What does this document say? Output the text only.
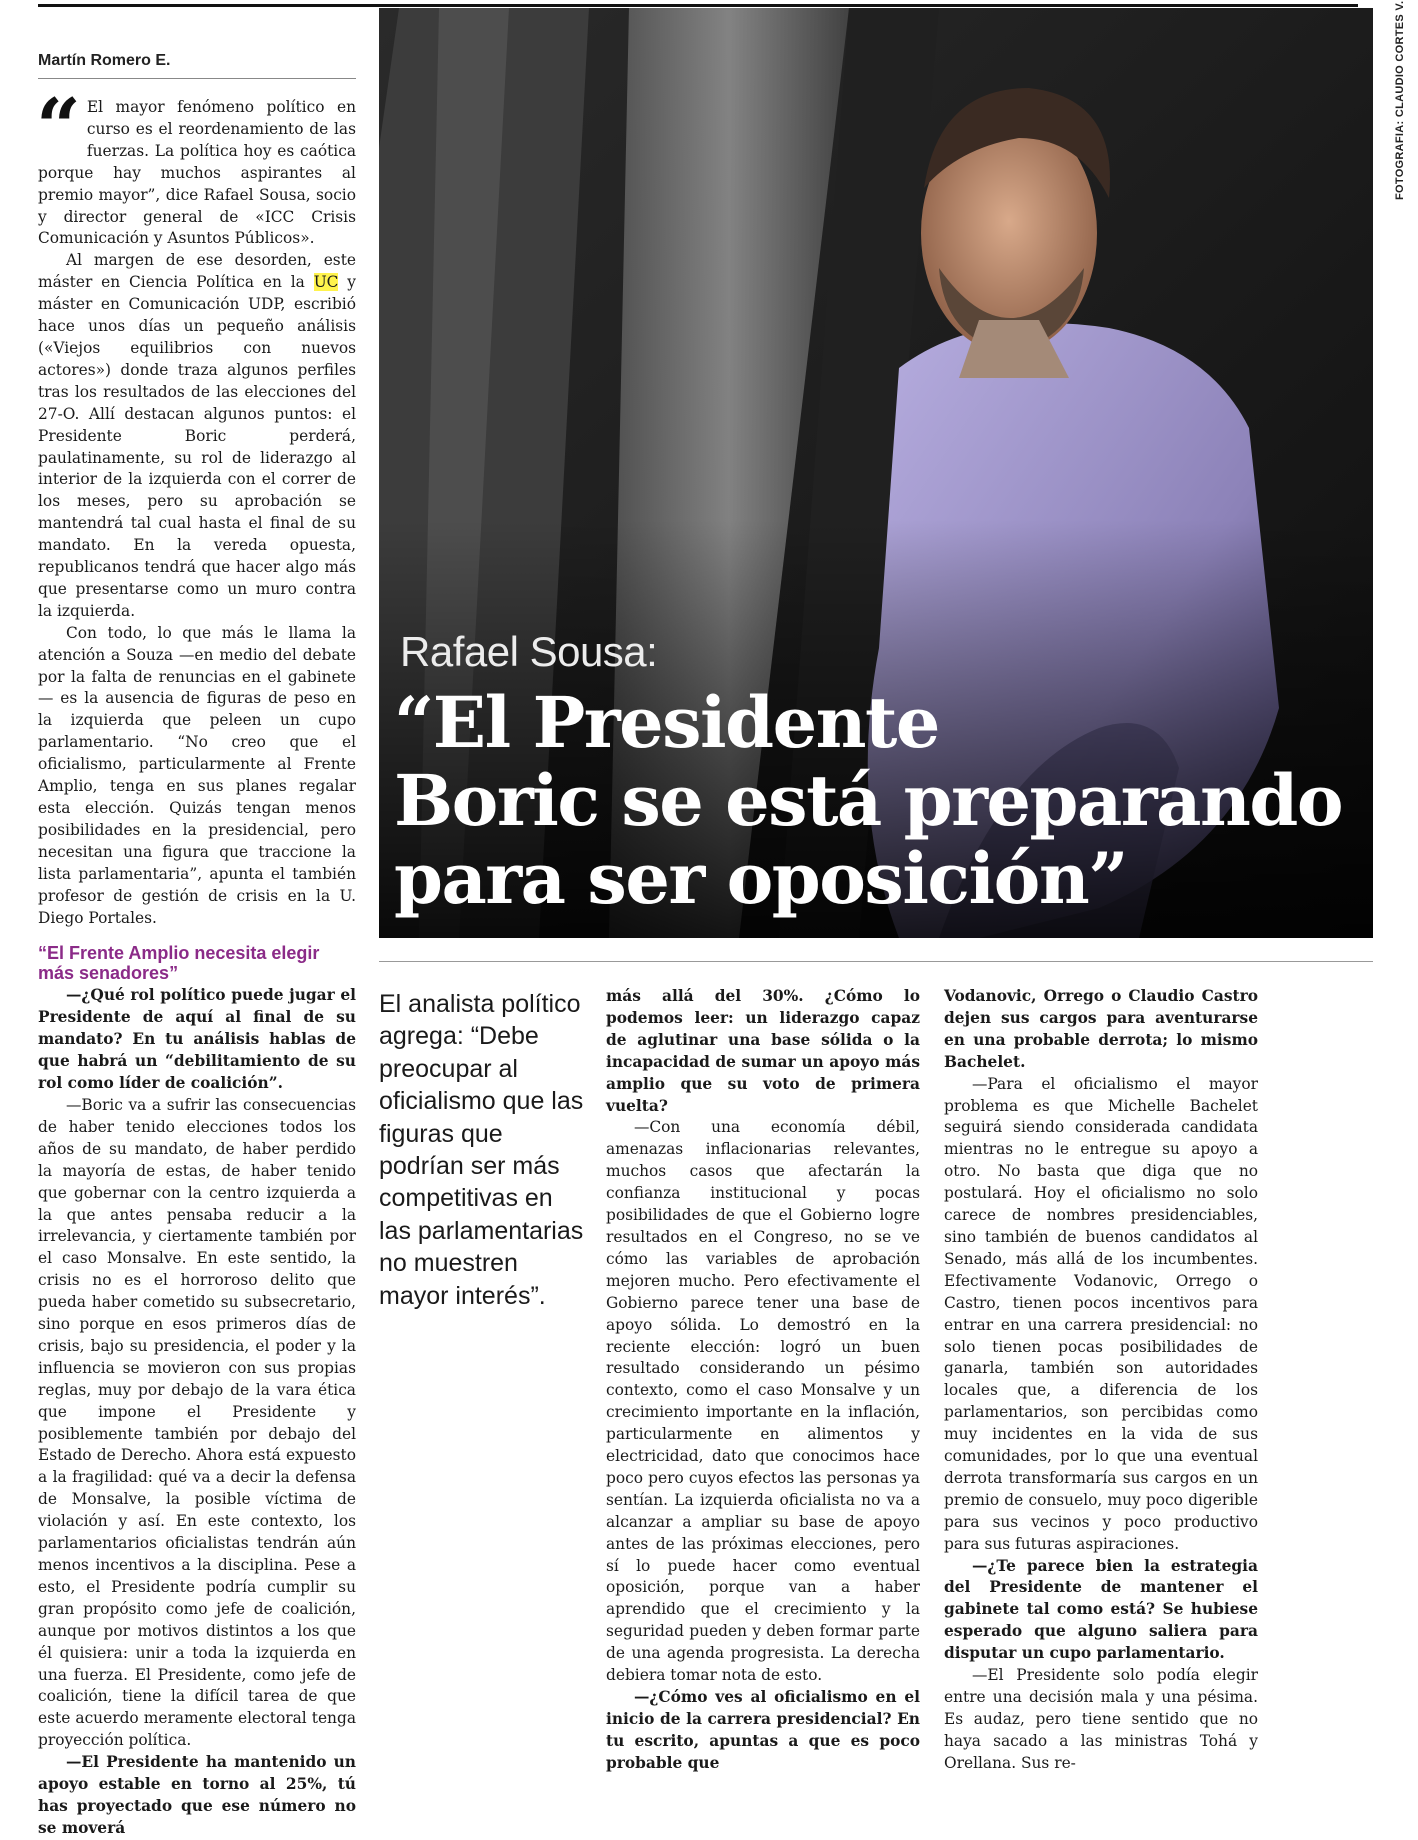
Martín Romero E.

“ El mayor fenómeno político en curso es el reordenamiento de las fuerzas. La política hoy es caótica porque hay muchos aspirantes al premio mayor”, dice Rafael Sousa, socio y director general de «ICC Crisis Comunicación y Asuntos Públicos».

Al margen de ese desorden, este máster en Ciencia Política en la UC y máster en Comunicación UDP, escribió hace unos días un pequeño análisis («Viejos equilibrios con nuevos actores») donde traza algunos perfiles tras los resultados de las elecciones del 27-O. Allí destacan algunos puntos: el Presidente Boric perderá, paulatinamente, su rol de liderazgo al interior de la izquierda con el correr de los meses, pero su aprobación se mantendrá tal cual hasta el final de su mandato. En la vereda opuesta, republicanos tendrá que hacer algo más que presentarse como un muro contra la izquierda.

Con todo, lo que más le llama la atención a Souza —en medio del debate por la falta de renuncias en el gabinete— es la ausencia de figuras de peso en la izquierda que peleen un cupo parlamentario. “No creo que el oficialismo, particularmente al Frente Amplio, tenga en sus planes regalar esta elección. Quizás tengan menos posibilidades en la presidencial, pero necesitan una figura que traccione la lista parlamentaria”, apunta el también profesor de gestión de crisis en la U. Diego Portales.

“El Frente Amplio necesita elegir más senadores”

—¿Qué rol político puede jugar el Presidente de aquí al final de su mandato? En tu análisis hablas de que habrá un “debilitamiento de su rol como líder de coalición”.

—Boric va a sufrir las consecuencias de haber tenido elecciones todos los años de su mandato, de haber perdido la mayoría de estas, de haber tenido que gobernar con la centro izquierda a la que antes pensaba reducir a la irrelevancia, y ciertamente también por el caso Monsalve. En este sentido, la crisis no es el horroroso delito que pueda haber cometido su subsecretario, sino porque en esos primeros días de crisis, bajo su presidencia, el poder y la influencia se movieron con sus propias reglas, muy por debajo de la vara ética que impone el Presidente y posiblemente también por debajo del Estado de Derecho. Ahora está expuesto a la fragilidad: qué va a decir la defensa de Monsalve, la posible víctima de violación y así. En este contexto, los parlamentarios oficialistas tendrán aún menos incentivos a la disciplina. Pese a esto, el Presidente podría cumplir su gran propósito como jefe de coalición, aunque por motivos distintos a los que él quisiera: unir a toda la izquierda en una fuerza. El Presidente, como jefe de coalición, tiene la difícil tarea de que este acuerdo meramente electoral tenga proyección política.

—El Presidente ha mantenido un apoyo estable en torno al 25%, tú has proyectado que ese número no se moverá

FOTOGRAFIA: CLAUDIO CORTES V.
Rafael Sousa:
“El Presidente
Boric se está preparando
para ser oposición”
El analista político agrega: “Debe preocupar al oficialismo que las figuras que podrían ser más competitivas en las parlamentarias no muestren mayor interés”.

más allá del 30%. ¿Cómo lo podemos leer: un liderazgo capaz de aglutinar una base sólida o la incapacidad de sumar un apoyo más amplio que su voto de primera vuelta?

—Con una economía débil, amenazas inflacionarias relevantes, muchos casos que afectarán la confianza institucional y pocas posibilidades de que el Gobierno logre resultados en el Congreso, no se ve cómo las variables de aprobación mejoren mucho. Pero efectivamente el Gobierno parece tener una base de apoyo sólida. Lo demostró en la reciente elección: logró un buen resultado considerando un pésimo contexto, como el caso Monsalve y un crecimiento importante en la inflación, particularmente en alimentos y electricidad, dato que conocimos hace poco pero cuyos efectos las personas ya sentían. La izquierda oficialista no va a alcanzar a ampliar su base de apoyo antes de las próximas elecciones, pero sí lo puede hacer como eventual oposición, porque van a haber aprendido que el crecimiento y la seguridad pueden y deben formar parte de una agenda progresista. La derecha debiera tomar nota de esto.

—¿Cómo ves al oficialismo en el inicio de la carrera presidencial? En tu escrito, apuntas a que es poco probable que

Vodanovic, Orrego o Claudio Castro dejen sus cargos para aventurarse en una probable derrota; lo mismo Bachelet.

—Para el oficialismo el mayor problema es que Michelle Bachelet seguirá siendo considerada candidata mientras no le entregue su apoyo a otro. No basta que diga que no postulará. Hoy el oficialismo no solo carece de nombres presidenciables, sino también de buenos candidatos al Senado, más allá de los incumbentes. Efectivamente Vodanovic, Orrego o Castro, tienen pocos incentivos para entrar en una carrera presidencial: no solo tienen pocas posibilidades de ganarla, también son autoridades locales que, a diferencia de los parlamentarios, son percibidas como muy incidentes en la vida de sus comunidades, por lo que una eventual derrota transformaría sus cargos en un premio de consuelo, muy poco digerible para sus vecinos y poco productivo para sus futuras aspiraciones.

—¿Te parece bien la estrategia del Presidente de mantener el gabinete tal como está? Se hubiese esperado que alguno saliera para disputar un cupo parlamentario.

—El Presidente solo podía elegir entre una decisión mala y una pésima. Es audaz, pero tiene sentido que no haya sacado a las ministras Tohá y Orellana. Sus re-
